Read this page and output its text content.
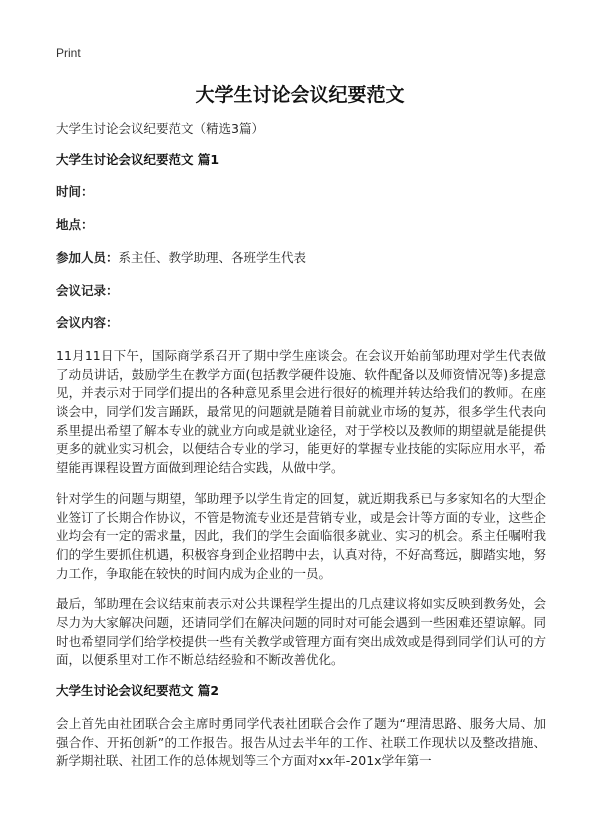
Print
大学生讨论会议纪要范文

大学生讨论会议纪要范文（精选3篇）

大学生讨论会议纪要范文 篇1

时间：

地点：

参加人员：系主任、教学助理、各班学生代表

会议记录：

会议内容：

11月11日下午，国际商学系召开了期中学生座谈会。在会议开始前邹助理对学生代表做了动员讲话，鼓励学生在教学方面(包括教学硬件设施、软件配备以及师资情况等)多提意见，并表示对于同学们提出的各种意见系里会进行很好的梳理并转达给我们的教师。在座谈会中，同学们发言踊跃，最常见的问题就是随着目前就业市场的复苏，很多学生代表向系里提出希望了解本专业的就业方向或是就业途径，对于学校以及教师的期望就是能提供更多的就业实习机会，以便结合专业的学习，能更好的掌握专业技能的实际应用水平，希望能再课程设置方面做到理论结合实践，从做中学。

针对学生的问题与期望，邹助理予以学生肯定的回复，就近期我系已与多家知名的大型企业签订了长期合作协议，不管是物流专业还是营销专业，或是会计等方面的专业，这些企业均会有一定的需求量，因此，我们的学生会面临很多就业、实习的机会。系主任嘱咐我们的学生要抓住机遇，积极容身到企业招聘中去，认真对待，不好高骛远，脚踏实地，努力工作，争取能在较快的时间内成为企业的一员。

最后，邹助理在会议结束前表示对公共课程学生提出的几点建议将如实反映到教务处，会尽力为大家解决问题，还请同学们在解决问题的同时对可能会遇到一些困难还望谅解。同时也希望同学们给学校提供一些有关教学或管理方面有突出成效或是得到同学们认可的方面，以便系里对工作不断总结经验和不断改善优化。

大学生讨论会议纪要范文 篇2

会上首先由社团联合会主席时勇同学代表社团联合会作了题为“理清思路、服务大局、加强合作、开拓创新”的工作报告。报告从过去半年的工作、社联工作现状以及整改措施、新学期社联、社团工作的总体规划等三个方面对xx年-201x学年第一
